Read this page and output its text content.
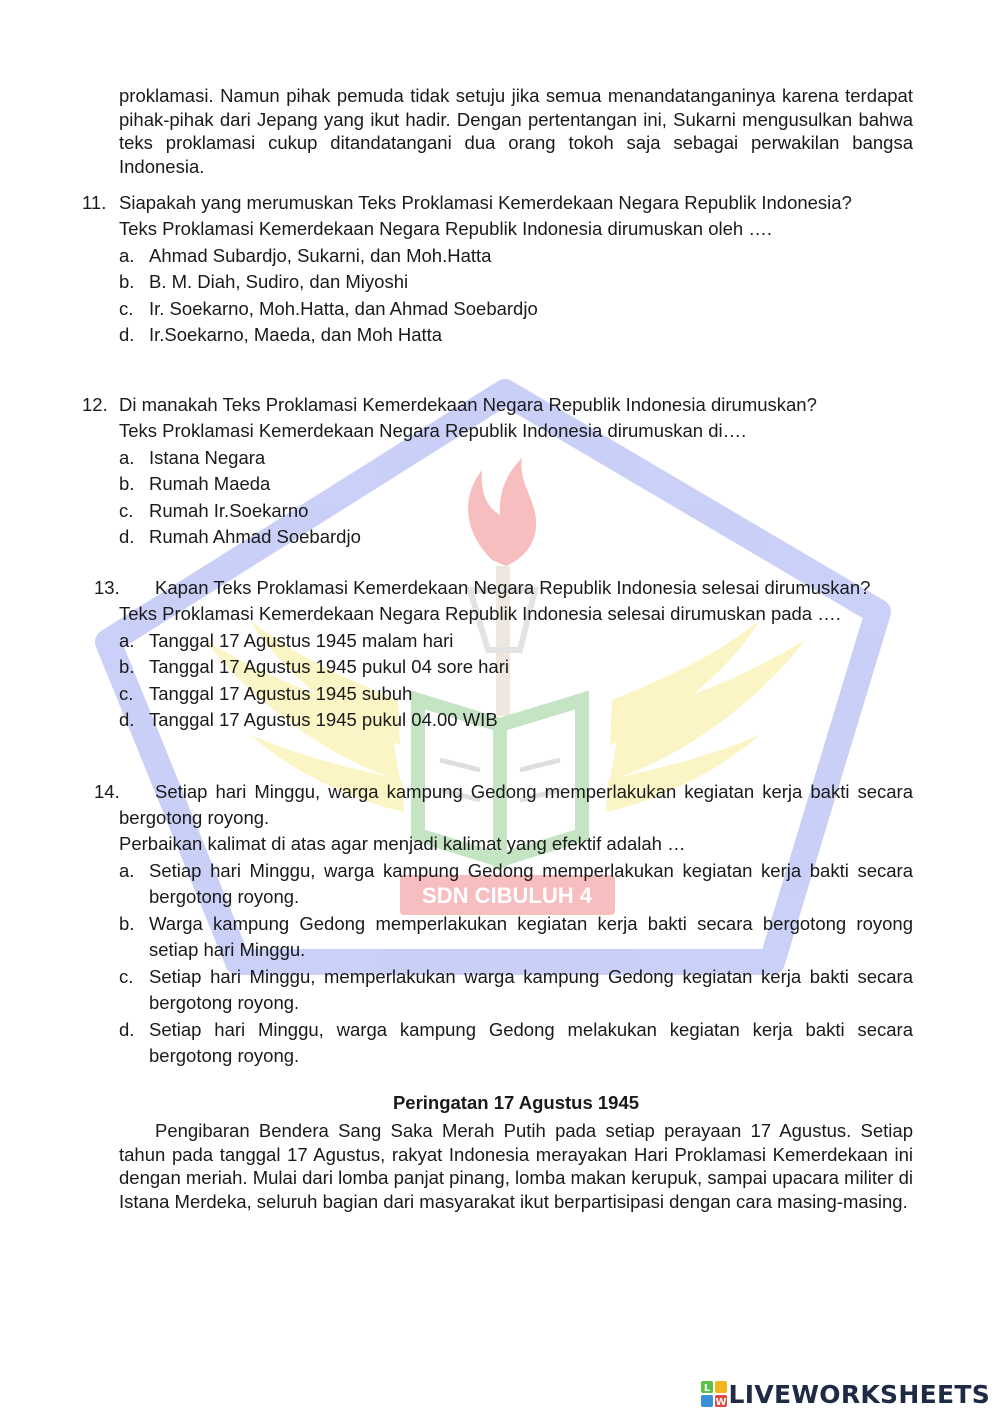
SDN CIBULUH 4
proklamasi. Namun pihak pemuda tidak setuju jika semua menandatanganinya karena terdapat pihak-pihak dari Jepang yang ikut hadir. Dengan pertentangan ini, Sukarni mengusulkan bahwa teks proklamasi cukup ditandatangani dua orang tokoh saja sebagai perwakilan bangsa Indonesia.
11. Siapakah yang merumuskan Teks Proklamasi Kemerdekaan Negara Republik Indonesia?
Teks Proklamasi Kemerdekaan Negara Republik Indonesia dirumuskan oleh ….
a. Ahmad Subardjo, Sukarni, dan Moh.Hatta
b. B. M. Diah, Sudiro, dan Miyoshi
c. Ir. Soekarno, Moh.Hatta, dan Ahmad Soebardjo
d. Ir.Soekarno, Maeda, dan Moh Hatta
12. Di manakah Teks Proklamasi Kemerdekaan Negara Republik Indonesia dirumuskan?
Teks Proklamasi Kemerdekaan Negara Republik Indonesia dirumuskan di….
a. Istana Negara
b. Rumah Maeda
c. Rumah Ir.Soekarno
d. Rumah Ahmad Soebardjo
13.	Kapan Teks Proklamasi Kemerdekaan Negara Republik Indonesia selesai dirumuskan?
Teks Proklamasi Kemerdekaan Negara Republik Indonesia selesai dirumuskan pada ….
a. Tanggal 17 Agustus 1945 malam hari
b. Tanggal 17 Agustus 1945 pukul 04 sore hari
c. Tanggal 17 Agustus 1945 subuh
d. Tanggal 17 Agustus 1945 pukul 04.00 WIB
14.	Setiap hari Minggu, warga kampung Gedong memperlakukan kegiatan kerja bakti secara bergotong royong.
Perbaikan kalimat di atas agar menjadi kalimat yang efektif adalah …
a. Setiap hari Minggu, warga kampung Gedong memperlakukan kegiatan kerja bakti secara bergotong royong.
b. Warga kampung Gedong memperlakukan kegiatan kerja bakti secara bergotong royong setiap hari Minggu.
c. Setiap hari Minggu, memperlakukan warga kampung Gedong kegiatan kerja bakti secara bergotong royong.
d. Setiap hari Minggu, warga kampung Gedong melakukan kegiatan kerja bakti secara bergotong royong.
Peringatan 17 Agustus 1945
Pengibaran Bendera Sang Saka Merah Putih pada setiap perayaan 17 Agustus. Setiap tahun pada tanggal 17 Agustus, rakyat Indonesia merayakan Hari Proklamasi Kemerdekaan ini dengan meriah. Mulai dari lomba panjat pinang, lomba makan kerupuk, sampai upacara militer di Istana Merdeka, seluruh bagian dari masyarakat ikut berpartisipasi dengan cara masing-masing.
L
W LIVEWORKSHEETS
